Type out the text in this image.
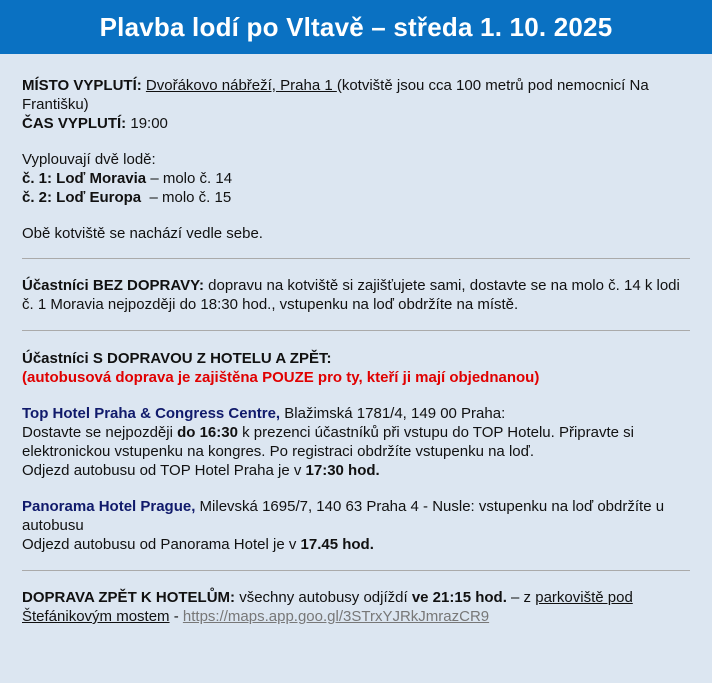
Plavba lodí po Vltavě – středa 1. 10. 2025

MÍSTO VYPLUTÍ: Dvořákovo nábřeží, Praha 1 (kotviště jsou cca 100 metrů pod nemocnicí Na Františku)

ČAS VYPLUTÍ: 19:00

Vyplouvají dvě lodě:

č. 1: Loď Moravia – molo č. 14

č. 2: Loď Europa  – molo č. 15

Obě kotviště se nachází vedle sebe.

Účastníci BEZ DOPRAVY: dopravu na kotviště si zajišťujete sami, dostavte se na molo č. 14 k lodi č. 1 Moravia nejpozději do 18:30 hod., vstupenku na loď obdržíte na místě.

Účastníci S DOPRAVOU Z HOTELU A ZPĚT:

(autobusová doprava je zajištěna POUZE pro ty, kteří ji mají objednanou)

Top Hotel Praha & Congress Centre, Blažimská 1781/4, 149 00 Praha:

Dostavte se nejpozději do 16:30 k prezenci účastníků při vstupu do TOP Hotelu. Připravte si elektronickou vstupenku na kongres. Po registraci obdržíte vstupenku na loď.

Odjezd autobusu od TOP Hotel Praha je v 17:30 hod.

Panorama Hotel Prague, Milevská 1695/7, 140 63 Praha 4 - Nusle: vstupenku na loď obdržíte u autobusu

Odjezd autobusu od Panorama Hotel je v 17.45 hod.

DOPRAVA ZPĚT K HOTELŮM: všechny autobusy odjíždí ve 21:15 hod. – z parkoviště pod Štefánikovým mostem - https://maps.app.goo.gl/3STrxYJRkJmrazCR9
